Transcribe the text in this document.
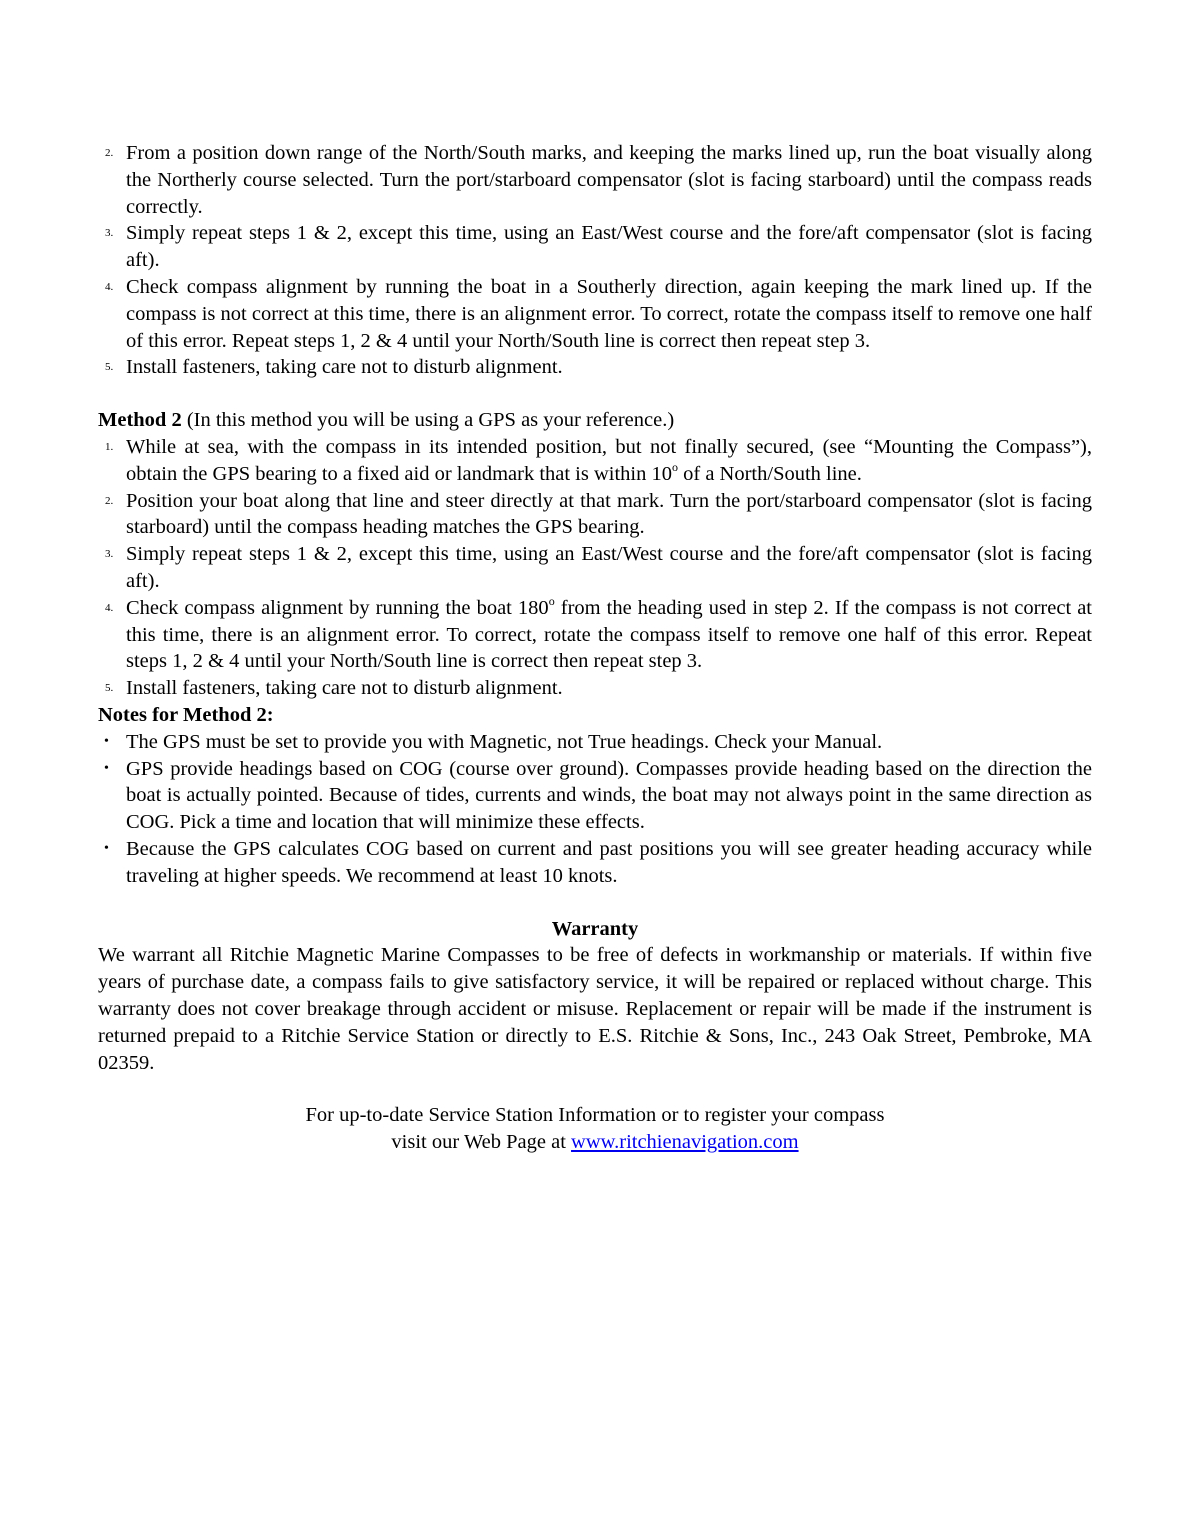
2. From a position down range of the North/South marks, and keeping the marks lined up, run the boat visually along the Northerly course selected. Turn the port/starboard compensator (slot is facing starboard) until the compass reads correctly.
3. Simply repeat steps 1 & 2, except this time, using an East/West course and the fore/aft compensator (slot is facing aft).
4. Check compass alignment by running the boat in a Southerly direction, again keeping the mark lined up. If the compass is not correct at this time, there is an alignment error. To correct, rotate the compass itself to remove one half of this error. Repeat steps 1, 2 & 4 until your North/South line is correct then repeat step 3.
5. Install fasteners, taking care not to disturb alignment.
Method 2 (In this method you will be using a GPS as your reference.)
1. While at sea, with the compass in its intended position, but not finally secured, (see “Mounting the Compass”), obtain the GPS bearing to a fixed aid or landmark that is within 10$^o$ of a North/South line.
2. Position your boat along that line and steer directly at that mark. Turn the port/starboard compensator (slot is facing starboard) until the compass heading matches the GPS bearing.
3. Simply repeat steps 1 & 2, except this time, using an East/West course and the fore/aft compensator (slot is facing aft).
4. Check compass alignment by running the boat 180$^o$ from the heading used in step 2. If the compass is not correct at this time, there is an alignment error. To correct, rotate the compass itself to remove one half of this error. Repeat steps 1, 2 & 4 until your North/South line is correct then repeat step 3.
5. Install fasteners, taking care not to disturb alignment.
Notes for Method 2:
• The GPS must be set to provide you with Magnetic, not True headings. Check your Manual.
• GPS provide headings based on COG (course over ground). Compasses provide heading based on the direction the boat is actually pointed. Because of tides, currents and winds, the boat may not always point in the same direction as COG. Pick a time and location that will minimize these effects.
• Because the GPS calculates COG based on current and past positions you will see greater heading accuracy while traveling at higher speeds. We recommend at least 10 knots.
Warranty
We warrant all Ritchie Magnetic Marine Compasses to be free of defects in workmanship or materials. If within five years of purchase date, a compass fails to give satisfactory service, it will be repaired or replaced without charge. This warranty does not cover breakage through accident or misuse. Replacement or repair will be made if the instrument is returned prepaid to a Ritchie Service Station or directly to E.S. Ritchie & Sons, Inc., 243 Oak Street, Pembroke, MA 02359.
For up-to-date Service Station Information or to register your compass
visit our Web Page at www.ritchienavigation.com
